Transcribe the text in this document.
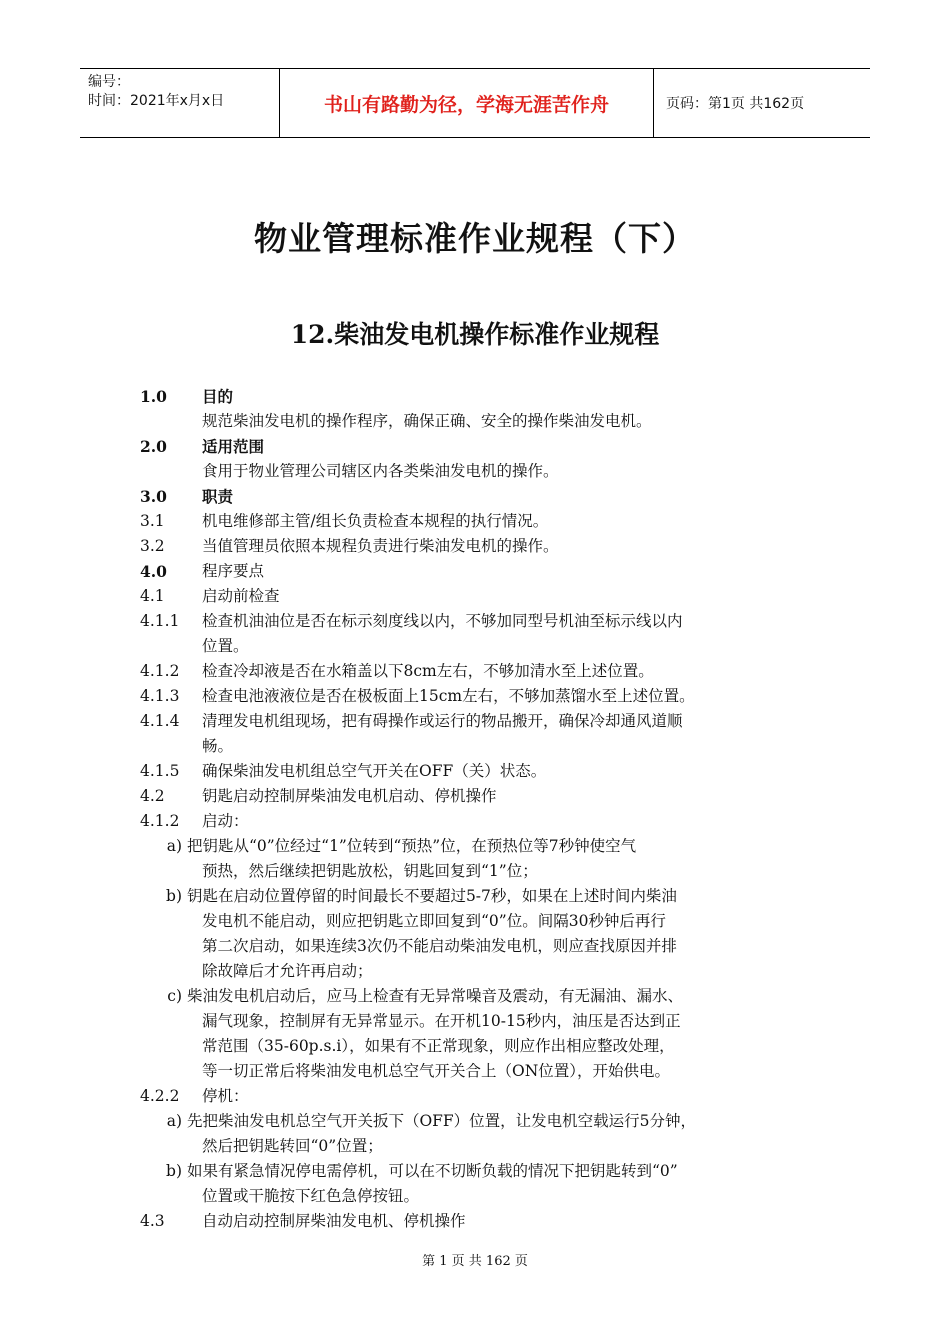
编号：
时间：2021年x月x日	书山有路勤为径，学海无涯苦作舟	页码：第1页 共162页
物业管理标准作业规程（下）
12.柴油发电机操作标准作业规程
1.0	目的
规范柴油发电机的操作程序，确保正确、安全的操作柴油发电机。
2.0	适用范围
食用于物业管理公司辖区内各类柴油发电机的操作。
3.0	职责
3.1	机电维修部主管/组长负责检查本规程的执行情况。
3.2	当值管理员依照本规程负责进行柴油发电机的操作。
4.0	程序要点
4.1	启动前检查
4.1.1	检查机油油位是否在标示刻度线以内，不够加同型号机油至标示线以内
位置。
4.1.2	检查冷却液是否在水箱盖以下8cm左右，不够加清水至上述位置。
4.1.3	检查电池液液位是否在极板面上15cm左右，不够加蒸馏水至上述位置。
4.1.4	清理发电机组现场，把有碍操作或运行的物品搬开，确保冷却通风道顺
畅。
4.1.5	确保柴油发电机组总空气开关在OFF（关）状态。
4.2	钥匙启动控制屏柴油发电机启动、停机操作
4.1.2	启动：
a) 把钥匙从“0”位经过“1”位转到“预热”位，在预热位等7秒钟使空气
预热，然后继续把钥匙放松，钥匙回复到“1”位；
b) 钥匙在启动位置停留的时间最长不要超过5-7秒，如果在上述时间内柴油
发电机不能启动，则应把钥匙立即回复到“0”位。间隔30秒钟后再行
第二次启动，如果连续3次仍不能启动柴油发电机，则应查找原因并排
除故障后才允许再启动；
c) 柴油发电机启动后，应马上检查有无异常噪音及震动，有无漏油、漏水、
漏气现象，控制屏有无异常显示。在开机10-15秒内，油压是否达到正
常范围（35-60p.s.i），如果有不正常现象，则应作出相应整改处理，
等一切正常后将柴油发电机总空气开关合上（ON位置），开始供电。
4.2.2	停机：
a) 先把柴油发电机总空气开关扳下（OFF）位置，让发电机空载运行5分钟，
然后把钥匙转回“0”位置；
b) 如果有紧急情况停电需停机，可以在不切断负载的情况下把钥匙转到“0”
位置或干脆按下红色急停按钮。
4.3	自动启动控制屏柴油发电机、停机操作
第 1 页 共 162 页
